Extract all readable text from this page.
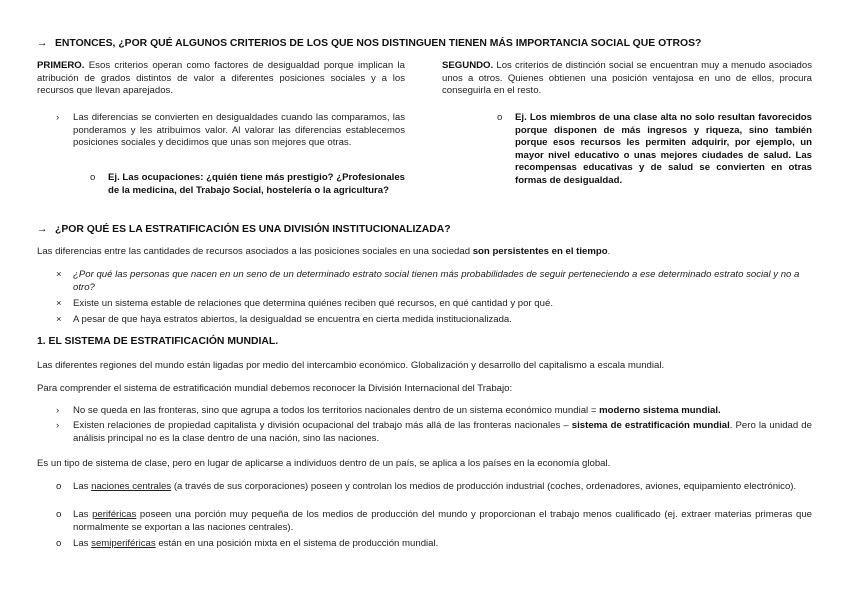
→ ENTONCES, ¿POR QUÉ ALGUNOS CRITERIOS DE LOS QUE NOS DISTINGUEN TIENEN MÁS IMPORTANCIA SOCIAL QUE OTROS?

PRIMERO. Esos criterios operan como factores de desigualdad porque implican la atribución de grados distintos de valor a diferentes posiciones sociales y a los recursos que llevan aparejados.

› Las diferencias se convierten en desigualdades cuando las comparamos, las ponderamos y les atribuimos valor. Al valorar las diferencias establecemos posiciones sociales y decidimos que unas son mejores que otras.

o Ej. Las ocupaciones: ¿quién tiene más prestigio? ¿Profesionales de la medicina, del Trabajo Social, hostelería o la agricultura?

SEGUNDO. Los criterios de distinción social se encuentran muy a menudo asociados unos a otros. Quienes obtienen una posición ventajosa en uno de ellos, procura conseguirla en el resto.

o Ej. Los miembros de una clase alta no solo resultan favorecidos porque disponen de más ingresos y riqueza, sino también porque esos recursos les permiten adquirir, por ejemplo, un mayor nivel educativo o unas mejores ciudades de salud. Las recompensas educativas y de salud se convierten en otras formas de desigualdad.

→ ¿POR QUÉ ES LA ESTRATIFICACIÓN ES UNA DIVISIÓN INSTITUCIONALIZADA?

Las diferencias entre las cantidades de recursos asociados a las posiciones sociales en una sociedad son persistentes en el tiempo.

× ¿Por qué las personas que nacen en un seno de un determinado estrato social tienen más probabilidades de seguir perteneciendo a ese determinado estrato social y no a otro?

× Existe un sistema estable de relaciones que determina quiénes reciben qué recursos, en qué cantidad y por qué.

× A pesar de que haya estratos abiertos, la desigualdad se encuentra en cierta medida institucionalizada.

1. EL SISTEMA DE ESTRATIFICACIÓN MUNDIAL.

Las diferentes regiones del mundo están ligadas por medio del intercambio económico. Globalización y desarrollo del capitalismo a escala mundial.

Para comprender el sistema de estratificación mundial debemos reconocer la División Internacional del Trabajo:

› No se queda en las fronteras, sino que agrupa a todos los territorios nacionales dentro de un sistema económico mundial = moderno sistema mundial.

› Existen relaciones de propiedad capitalista y división ocupacional del trabajo más allá de las fronteras nacionales – sistema de estratificación mundial. Pero la unidad de análisis principal no es la clase dentro de una nación, sino las naciones.

Es un tipo de sistema de clase, pero en lugar de aplicarse a individuos dentro de un país, se aplica a los países en la economía global.

o Las naciones centrales (a través de sus corporaciones) poseen y controlan los medios de producción industrial (coches, ordenadores, aviones, equipamiento electrónico).

o Las periféricas poseen una porción muy pequeña de los medios de producción del mundo y proporcionan el trabajo menos cualificado (ej. extraer materias primeras que normalmente se exportan a las naciones centrales).

o Las semiperiféricas están en una posición mixta en el sistema de producción mundial.
